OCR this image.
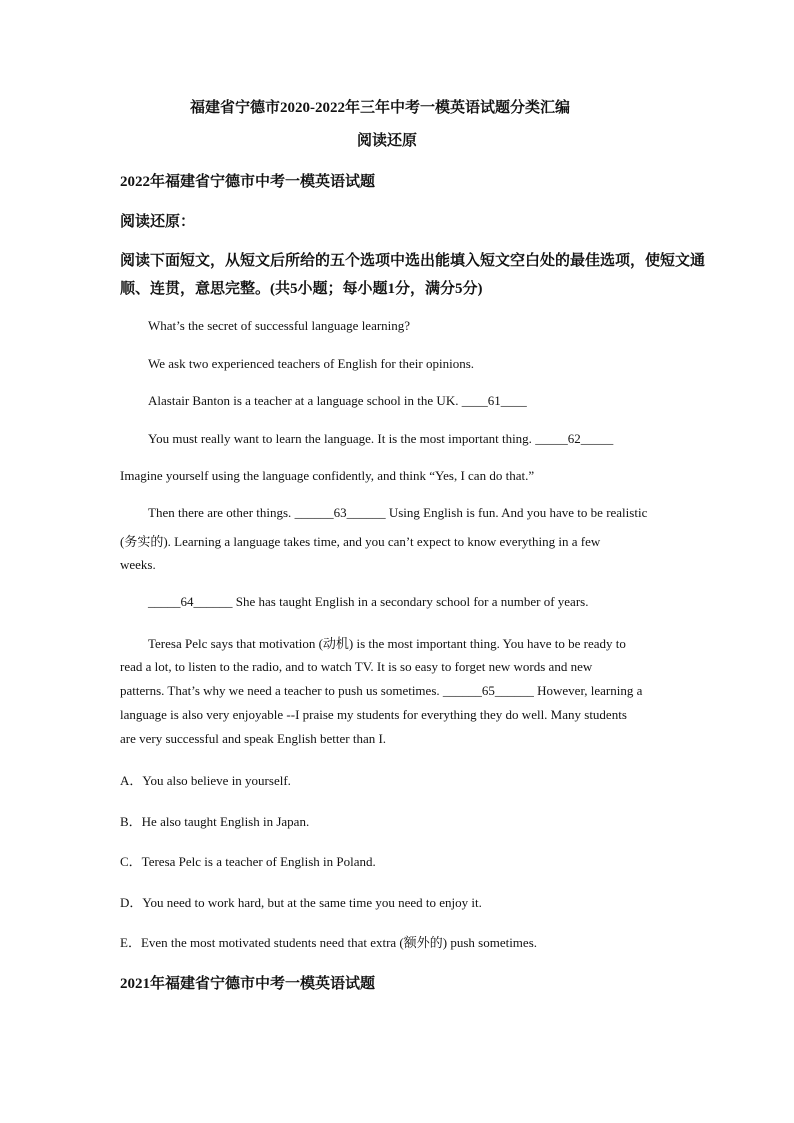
福建省宁德市2020-2022年三年中考一模英语试题分类汇编
阅读还原
2022年福建省宁德市中考一模英语试题
阅读还原：
阅读下面短文，从短文后所给的五个选项中选出能填入短文空白处的最佳选项，使短文通
顺、连贯，意思完整。(共5小题；每小题1分，满分5分)
What’s the secret of successful language learning?
We ask two experienced teachers of English for their opinions.
Alastair Banton is a teacher at a language school in the UK. ____61____
You must really want to learn the language. It is the most important thing. _____62_____
Imagine yourself using the language confidently, and think “Yes, I can do that.”
Then there are other things. ______63______ Using English is fun. And you have to be realistic
(务实的). Learning a language takes time, and you can’t expect to know everything in a few
weeks.
_____64______ She has taught English in a secondary school for a number of years.
Teresa Pelc says that motivation (动机) is the most important thing. You have to be ready to
read a lot, to listen to the radio, and to watch TV. It is so easy to forget new words and new
patterns. That’s why we need a teacher to push us sometimes. ______65______ However, learning a
language is also very enjoyable --I praise my students for everything they do well. Many students
are very successful and speak English better than I.
A．You also believe in yourself.
B．He also taught English in Japan.
C．Teresa Pelc is a teacher of English in Poland.
D．You need to work hard, but at the same time you need to enjoy it.
E．Even the most motivated students need that extra (额外的) push sometimes.
2021年福建省宁德市中考一模英语试题
